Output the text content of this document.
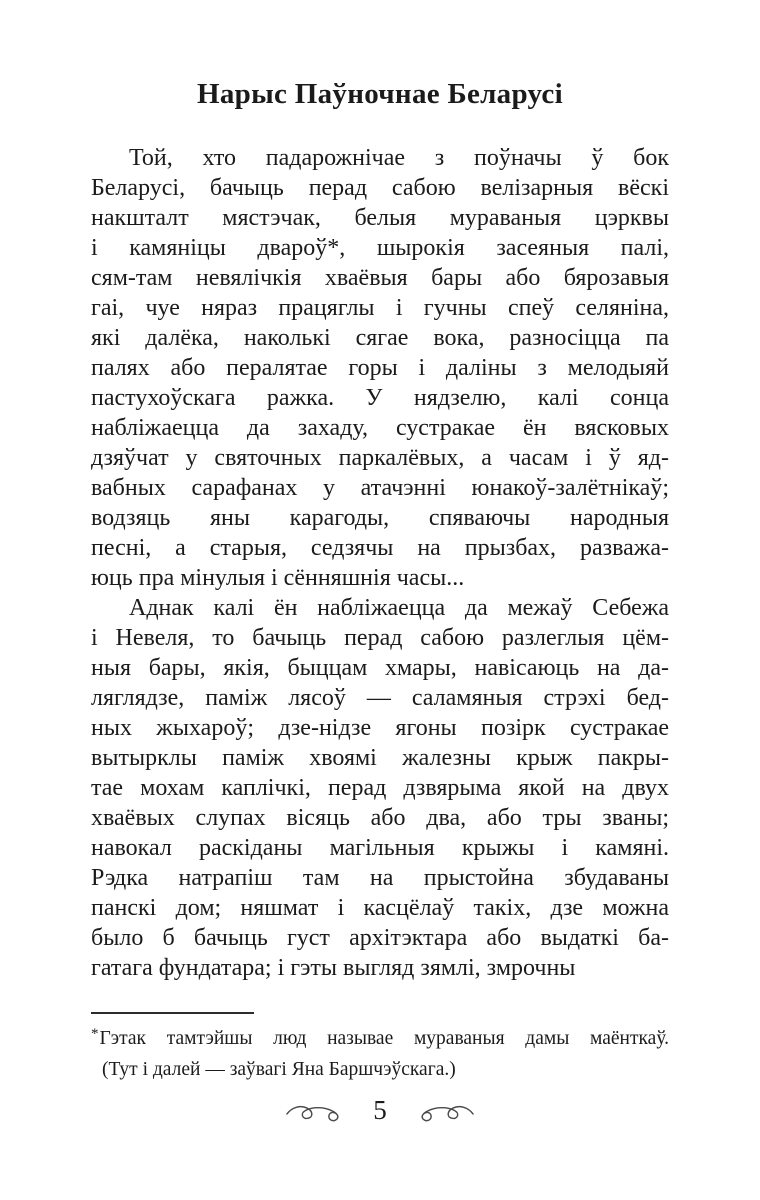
Нарыс Паўночнае Беларусі
Той, хто падарожнічае з поўначы ў бок
Беларусі, бачыць перад сабою велізарныя вёскі
накшталт мястэчак, белыя мураваныя цэрквы
і камяніцы двароў*, шырокія засеяныя палі,
сям-там невялічкія хваёвыя бары або бярозавыя
гаі, чуе няраз працяглы і гучны спеў селяніна,
які далёка, наколькі сягае вока, разносіцца па
палях або пералятае горы і даліны з мелодыяй
пастухоўскага ражка. У нядзелю, калі сонца
набліжаецца да захаду, сустракае ён вясковых
дзяўчат у святочных паркалёвых, а часам і ў яд-
вабных сарафанах у атачэнні юнакоў-залётнікаў;
водзяць яны карагоды, спяваючы народныя
песні, а старыя, седзячы на прызбах, разважа-
юць пра мінулыя і сённяшнія часы...
Аднак калі ён набліжаецца да межаў Себежа
і Невеля, то бачыць перад сабою разлеглыя цём-
ныя бары, якія, быццам хмары, навісаюць на да-
ляглядзе, паміж лясоў — саламяныя стрэхі бед-
ных жыхароў; дзе-нідзе ягоны позірк сустракае
вытырклы паміж хвоямі жалезны крыж пакры-
тае мохам каплічкі, перад дзвярыма якой на двух
хваёвых слупах вісяць або два, або тры званы;
навокал раскіданы магільныя крыжы і камяні.
Рэдка натрапіш там на прыстойна збудаваны
панскі дом; няшмат і касцёлаў такіх, дзе можна
было б бачыць густ архітэктара або выдаткі ба-
гатага фундатара; і гэты выгляд зямлі, змрочны
*Гэтак тамтэйшы люд называе мураваныя дамы маёнткаў.
(Тут і далей — заўвагі Яна Баршчэўскага.)
5
